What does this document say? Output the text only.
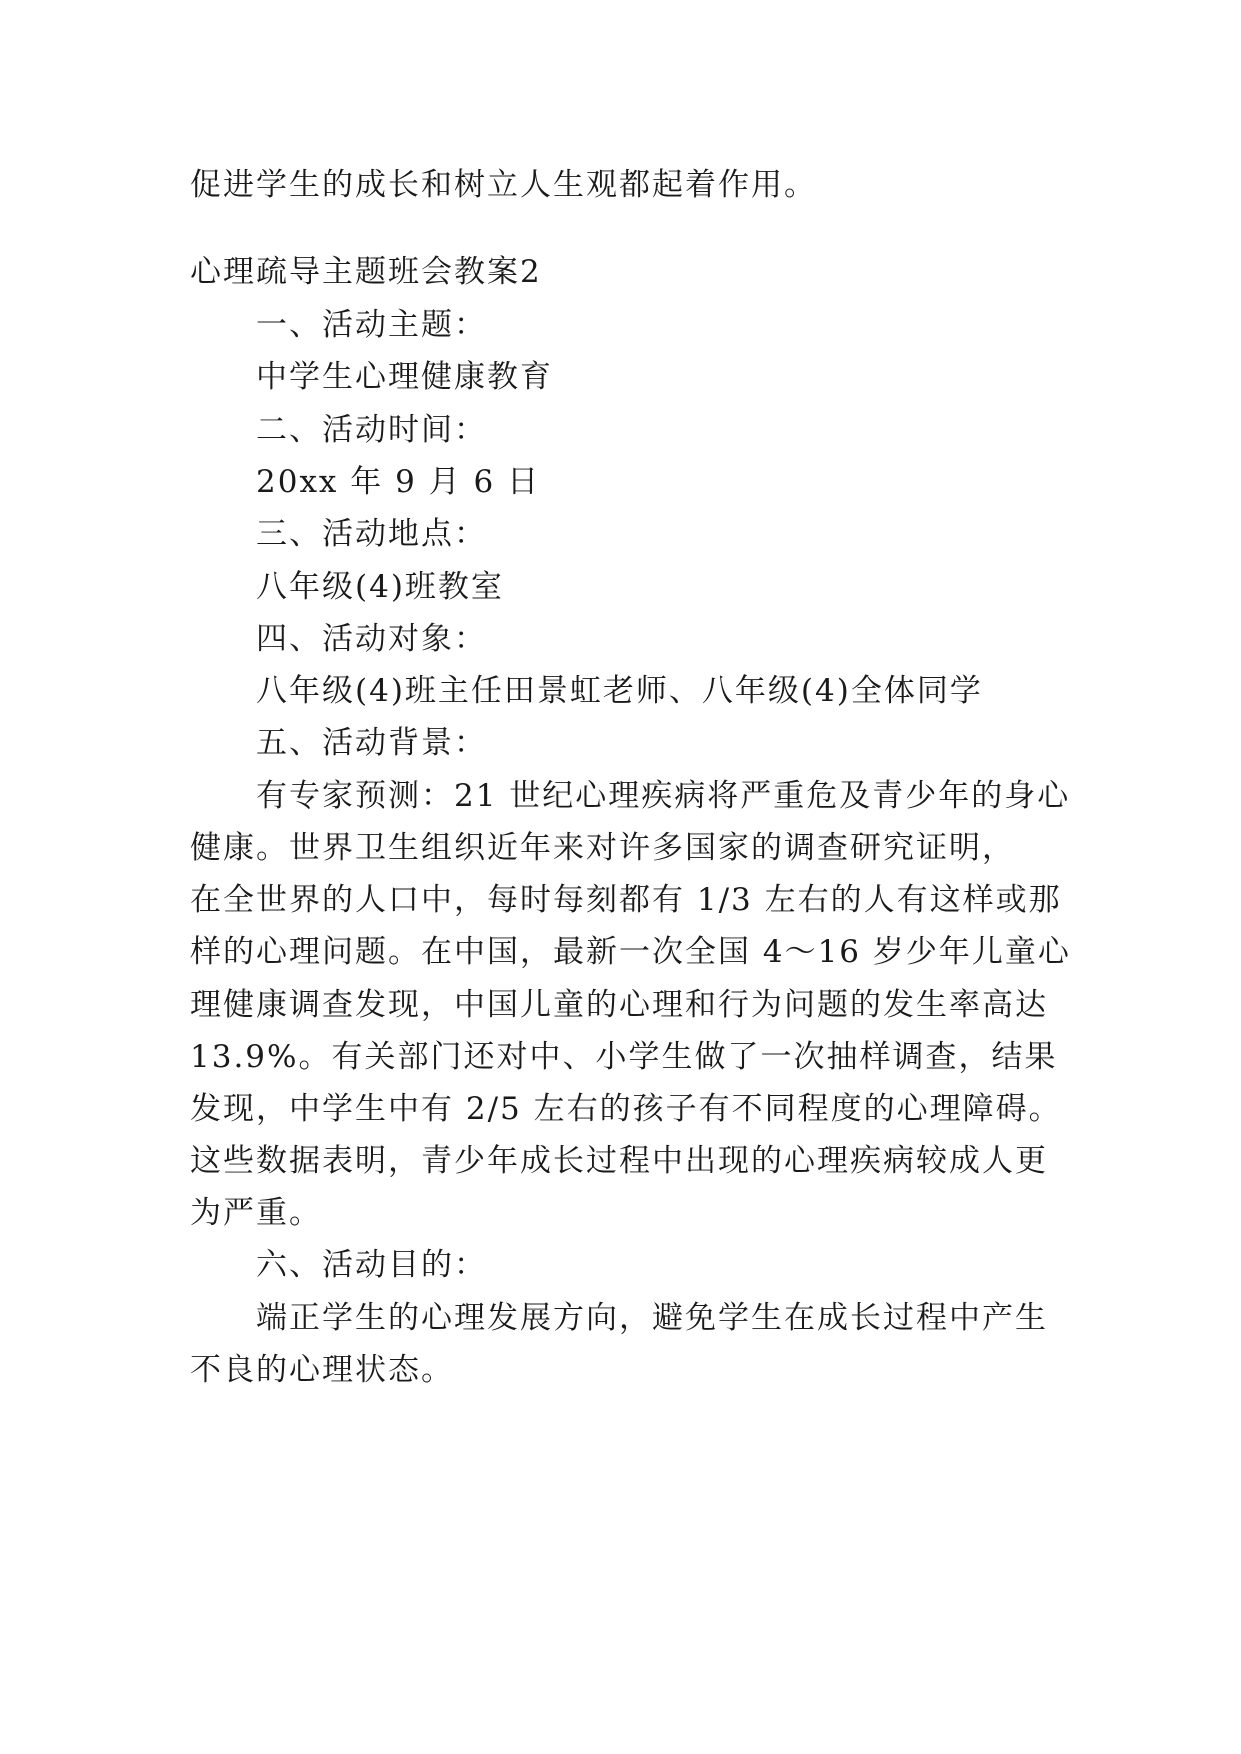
促进学生的成长和树立人生观都起着作用。
心理疏导主题班会教案2
一、活动主题：
中学生心理健康教育
二、活动时间：
20xx 年 9 月 6 日
三、活动地点：
八年级(4)班教室
四、活动对象：
八年级(4)班主任田景虹老师、八年级(4)全体同学
五、活动背景：
有专家预测：21 世纪心理疾病将严重危及青少年的身心
健康。世界卫生组织近年来对许多国家的调查研究证明，
在全世界的人口中，每时每刻都有 1/3 左右的人有这样或那
样的心理问题。在中国，最新一次全国 4～16 岁少年儿童心
理健康调查发现，中国儿童的心理和行为问题的发生率高达
13.9%。有关部门还对中、小学生做了一次抽样调查，结果
发现，中学生中有 2/5 左右的孩子有不同程度的心理障碍。
这些数据表明，青少年成长过程中出现的心理疾病较成人更
为严重。
六、活动目的：
端正学生的心理发展方向，避免学生在成长过程中产生
不良的心理状态。
